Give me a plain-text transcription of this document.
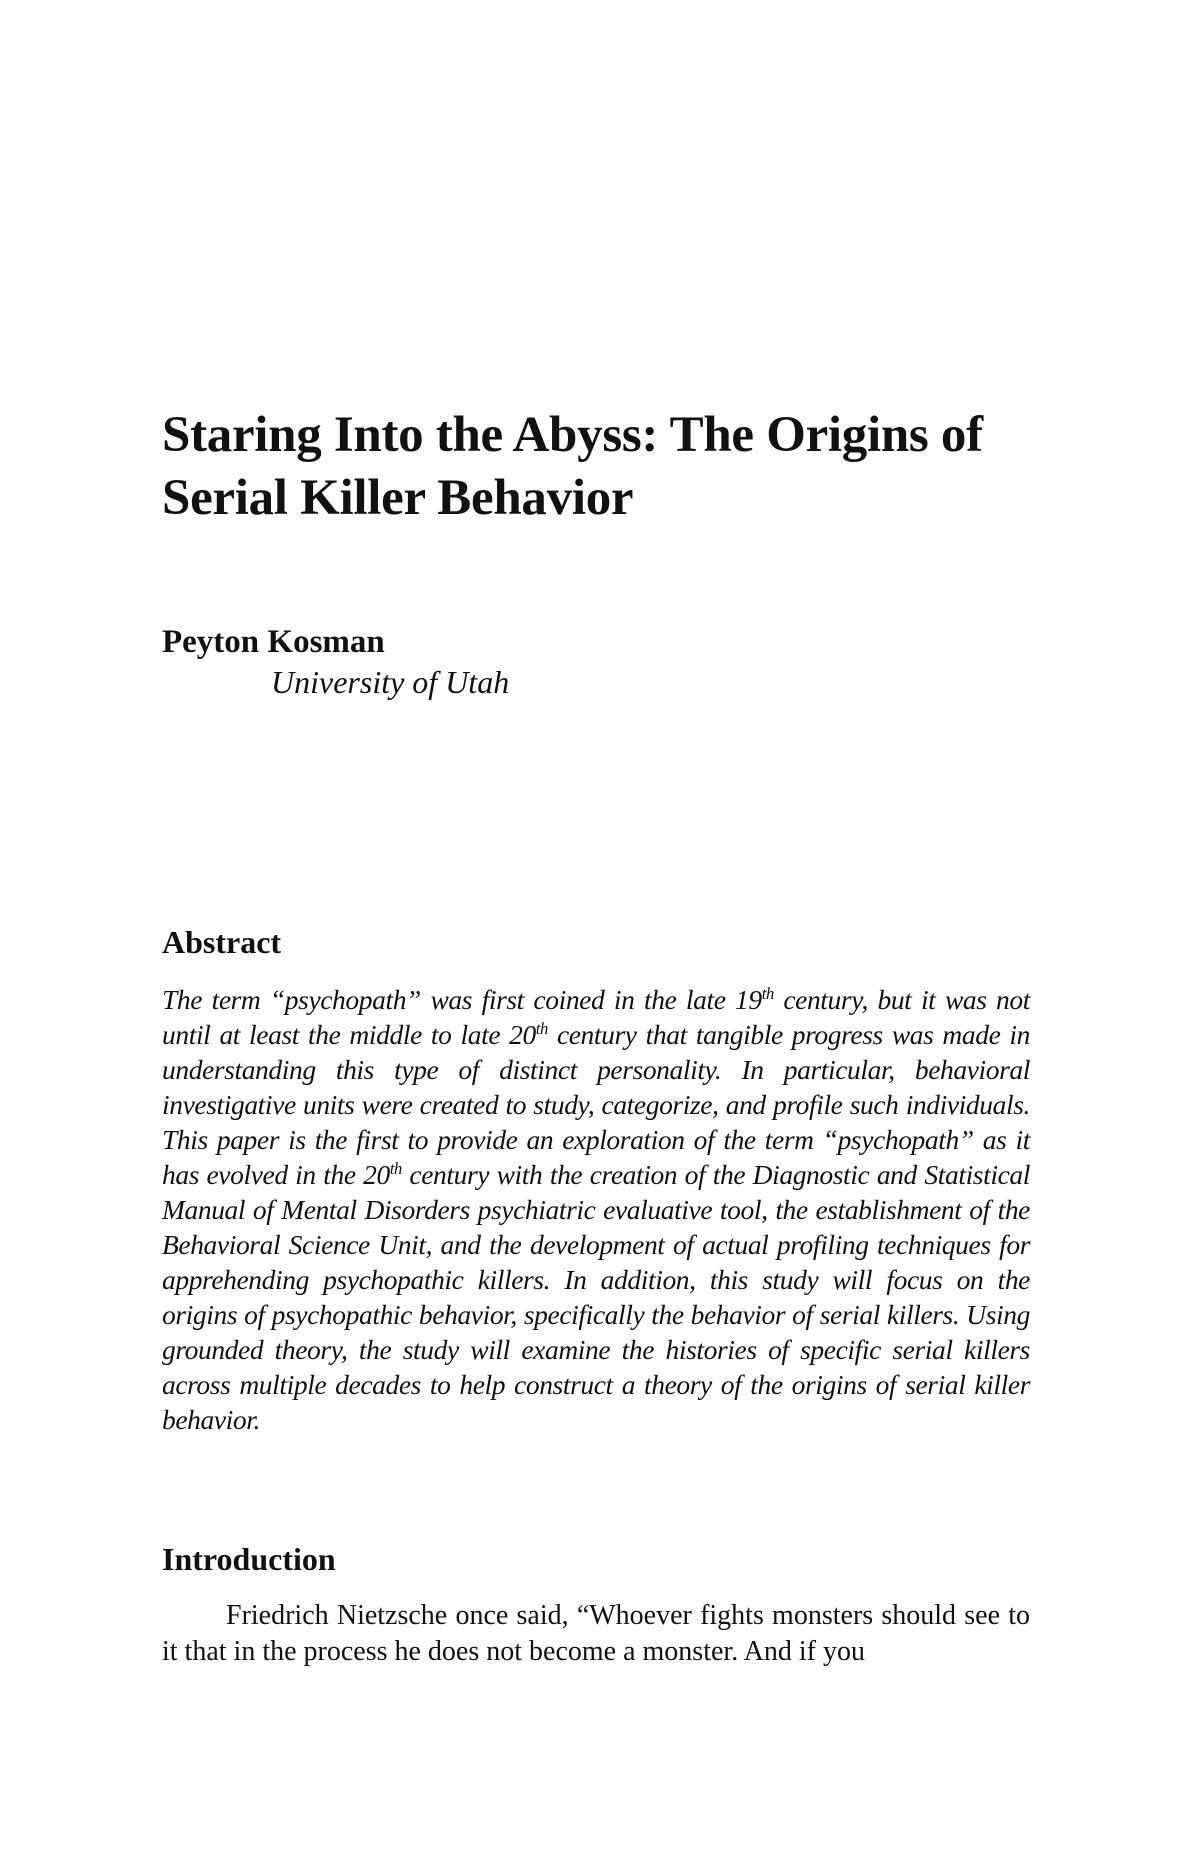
Staring Into the Abyss: The Origins of Serial Killer Behavior

Peyton Kosman

University of Utah

Abstract

The term “psychopath” was first coined in the late 19th century, but it was not until at least the middle to late 20th century that tangible progress was made in understanding this type of distinct personality. In particular, behavioral investigative units were created to study, categorize, and profile such individuals. This paper is the first to provide an exploration of the term “psychopath” as it has evolved in the 20th century with the creation of the Diagnostic and Statistical Manual of Mental Disorders psychiatric evaluative tool, the establishment of the Behavioral Science Unit, and the development of actual profiling techniques for apprehending psychopathic killers. In addition, this study will focus on the origins of psychopathic behavior, specifically the behavior of serial killers. Using grounded theory, the study will examine the histories of specific serial killers across multiple decades to help construct a theory of the origins of serial killer behavior.

Introduction

Friedrich Nietzsche once said, “Whoever fights monsters should see to it that in the process he does not become a monster. And if you
